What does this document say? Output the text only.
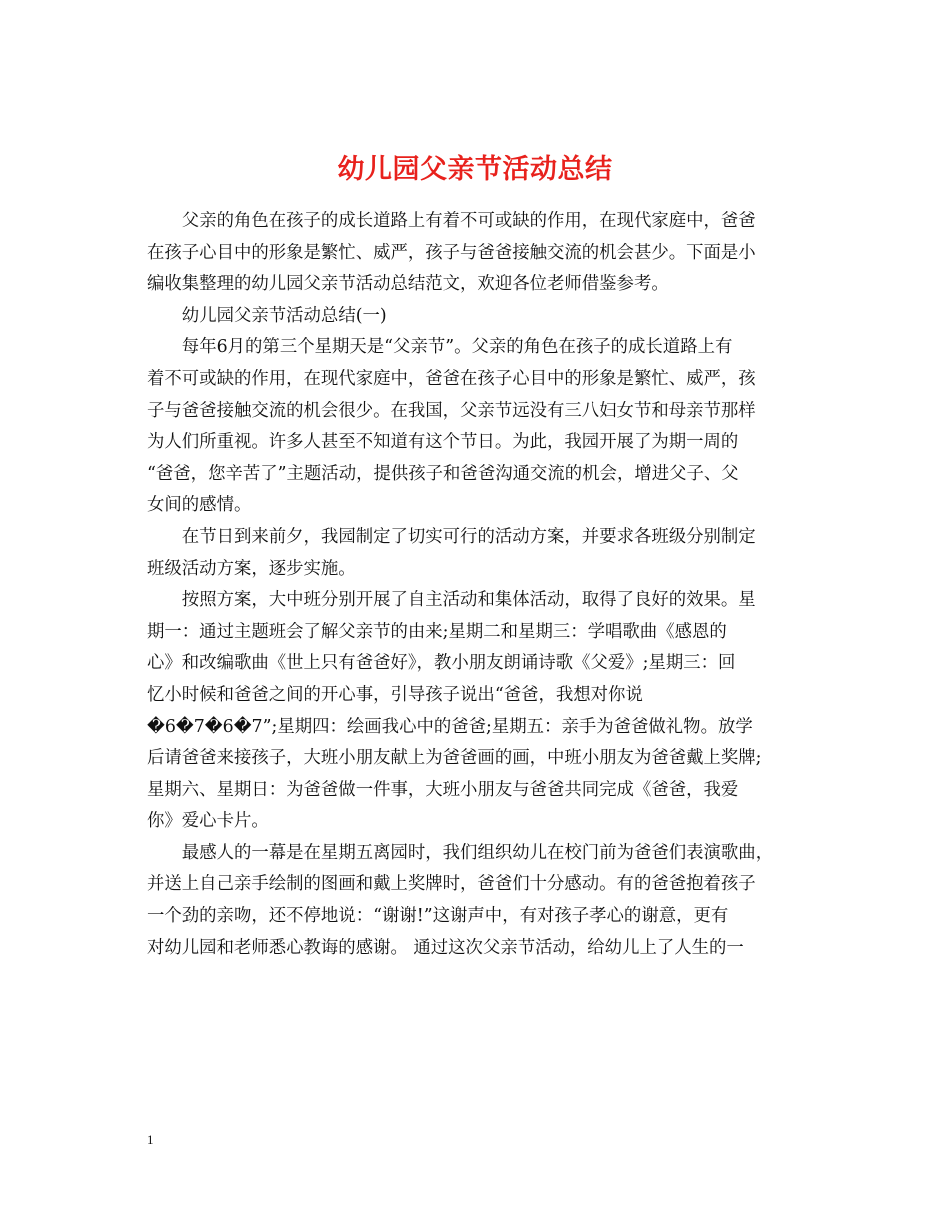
幼儿园父亲节活动总结

父亲的角色在孩子的成长道路上有着不可或缺的作用，在现代家庭中，爸爸
在孩子心目中的形象是繁忙、威严，孩子与爸爸接触交流的机会甚少。下面是小
编收集整理的幼儿园父亲节活动总结范文，欢迎各位老师借鉴参考。

幼儿园父亲节活动总结(一)

每年6月的第三个星期天是“父亲节”。父亲的角色在孩子的成长道路上有
着不可或缺的作用，在现代家庭中，爸爸在孩子心目中的形象是繁忙、威严，孩
子与爸爸接触交流的机会很少。在我国，父亲节远没有三八妇女节和母亲节那样
为人们所重视。许多人甚至不知道有这个节日。为此，我园开展了为期一周的
“爸爸，您辛苦了”主题活动，提供孩子和爸爸沟通交流的机会，增进父子、父
女间的感情。

在节日到来前夕，我园制定了切实可行的活动方案，并要求各班级分别制定
班级活动方案，逐步实施。

按照方案，大中班分别开展了自主活动和集体活动，取得了良好的效果。星
期一：通过主题班会了解父亲节的由来;星期二和星期三：学唱歌曲《感恩的
心》和改编歌曲《世上只有爸爸好》，教小朋友朗诵诗歌《父爱》;星期三：回
忆小时候和爸爸之间的开心事，引导孩子说出“爸爸，我想对你说
�6�7�6�7”;星期四：绘画我心中的爸爸;星期五：亲手为爸爸做礼物。放学
后请爸爸来接孩子，大班小朋友献上为爸爸画的画，中班小朋友为爸爸戴上奖牌;
星期六、星期日：为爸爸做一件事，大班小朋友与爸爸共同完成《爸爸，我爱
你》爱心卡片。

最感人的一幕是在星期五离园时，我们组织幼儿在校门前为爸爸们表演歌曲，
并送上自己亲手绘制的图画和戴上奖牌时，爸爸们十分感动。有的爸爸抱着孩子
一个劲的亲吻，还不停地说：“谢谢!”这谢声中，有对孩子孝心的谢意，更有
对幼儿园和老师悉心教诲的感谢。 通过这次父亲节活动，给幼儿上了人生的一

1
